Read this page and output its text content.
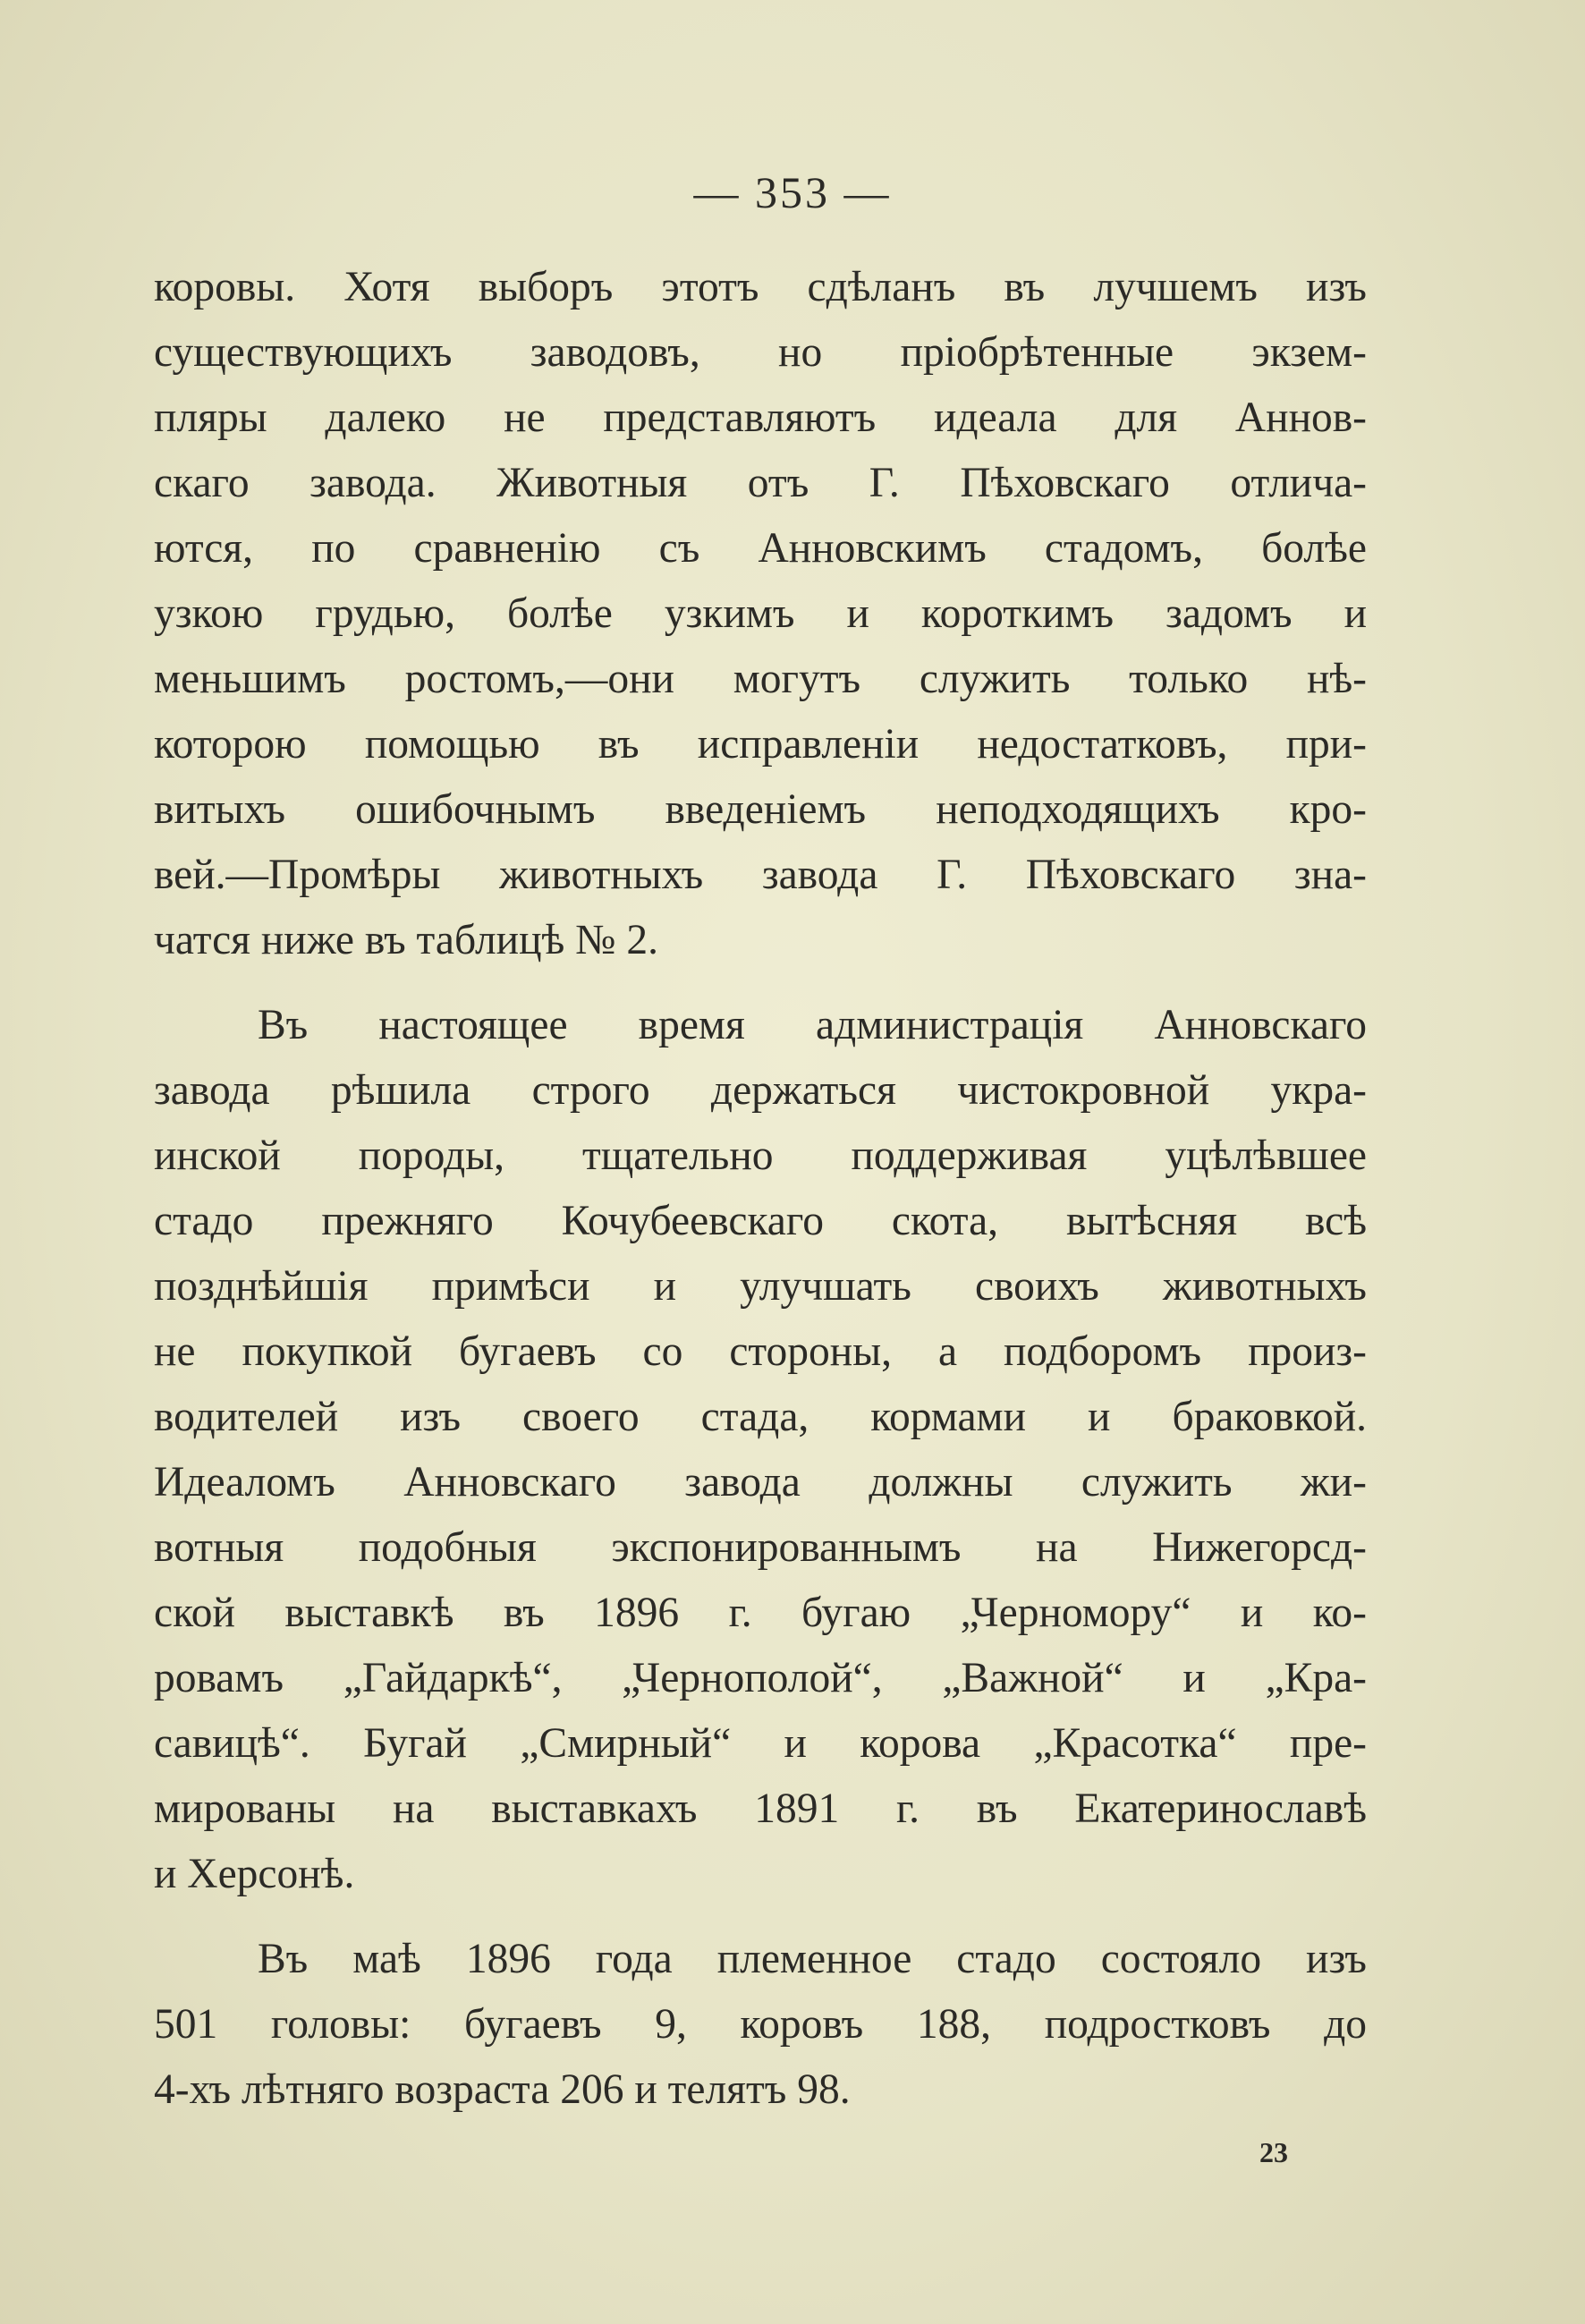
— 353 —
коровы. Хотя выборъ этотъ сдѣланъ въ лучшемъ изъ
существующихъ заводовъ, но пріобрѣтенные экзем-
пляры далеко не представляютъ идеала для Аннов-
скаго завода. Животныя отъ Г. Пѣховскаго отлича-
ются, по сравненію съ Анновскимъ стадомъ, болѣе
узкою грудью, болѣе узкимъ и короткимъ задомъ и
меньшимъ ростомъ,—они могутъ служить только нѣ-
которою помощью въ исправленіи недостатковъ, при-
витыхъ ошибочнымъ введеніемъ неподходящихъ кро-
вей.—Промѣры животныхъ завода Г. Пѣховскаго зна-
чатся ниже въ таблицѣ № 2.
Въ настоящее время администрація Анновскаго
завода рѣшила строго держаться чистокровной укра-
инской породы, тщательно поддерживая уцѣлѣвшее
стадо прежняго Кочубеевскаго скота, вытѣсняя всѣ
позднѣйшія примѣси и улучшать своихъ животныхъ
не покупкой бугаевъ со стороны, а подборомъ произ-
водителей изъ своего стада, кормами и браковкой.
Идеаломъ Анновскаго завода должны служить жи-
вотныя подобныя экспонированнымъ на Нижегорсд-
ской выставкѣ въ 1896 г. бугаю „Черномору“ и ко-
ровамъ „Гайдаркѣ“, „Чернополой“, „Важной“ и „Кра-
савицѣ“. Бугай „Смирный“ и корова „Красотка“ пре-
мированы на выставкахъ 1891 г. въ Екатеринославѣ
и Херсонѣ.
Въ маѣ 1896 года племенное стадо состояло изъ
501 головы: бугаевъ 9, коровъ 188, подростковъ до
4-хъ лѣтняго возраста 206 и телятъ 98.
23
